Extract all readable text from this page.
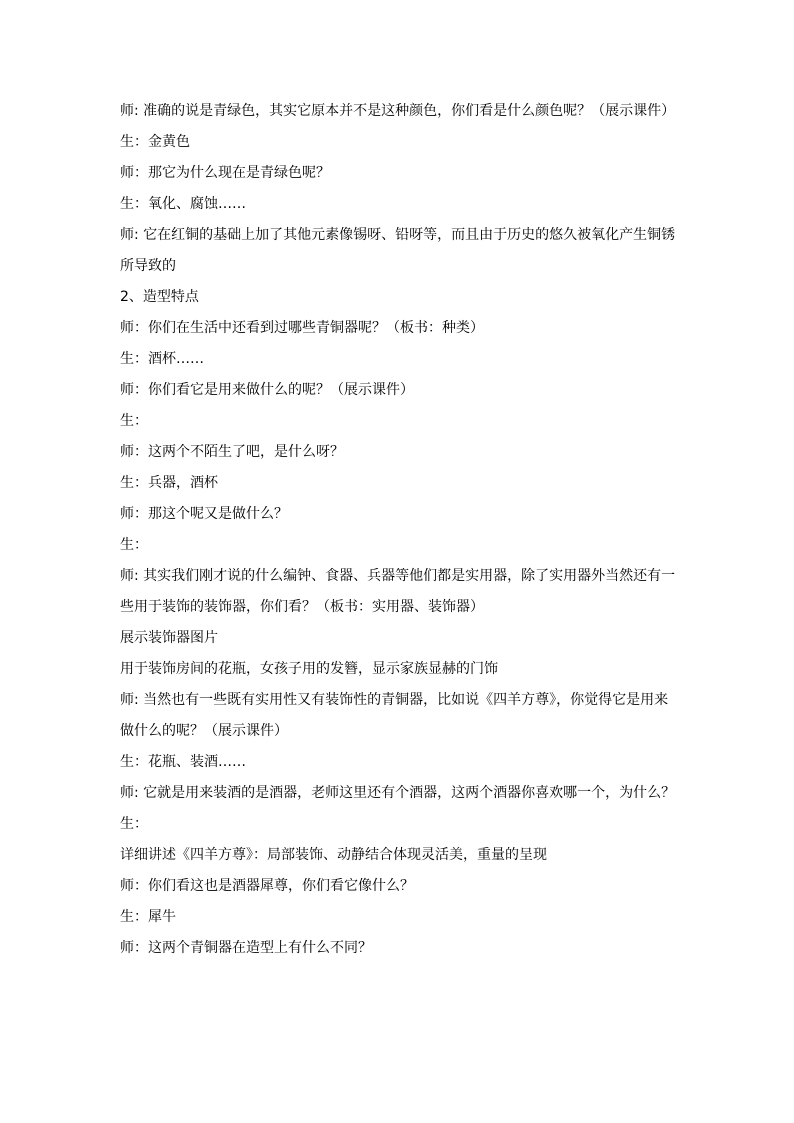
师: 准确的说是青绿色，其实它原本并不是这种颜色，你们看是什么颜色呢？（展示课件）

生：金黄色

师：那它为什么现在是青绿色呢？

生：氧化、腐蚀……

师: 它在红铜的基础上加了其他元素像锡呀、铅呀等，而且由于历史的悠久被氧化产生铜锈所导致的

2、造型特点

师：你们在生活中还看到过哪些青铜器呢？（板书：种类）

生：酒杯……

师：你们看它是用来做什么的呢？（展示课件）

生：

师：这两个不陌生了吧，是什么呀？

生：兵器，酒杯

师：那这个呢又是做什么？

生：

师: 其实我们刚才说的什么编钟、食器、兵器等他们都是实用器，除了实用器外当然还有一些用于装饰的装饰器，你们看？（板书：实用器、装饰器）

展示装饰器图片

用于装饰房间的花瓶，女孩子用的发簪，显示家族显赫的门饰

师: 当然也有一些既有实用性又有装饰性的青铜器，比如说《四羊方尊》，你觉得它是用来做什么的呢？（展示课件）

生：花瓶、装酒……

师: 它就是用来装酒的是酒器，老师这里还有个酒器，这两个酒器你喜欢哪一个，为什么？

生：

详细讲述《四羊方尊》：局部装饰、动静结合体现灵活美，重量的呈现

师：你们看这也是酒器犀尊，你们看它像什么？

生：犀牛

师：这两个青铜器在造型上有什么不同？
